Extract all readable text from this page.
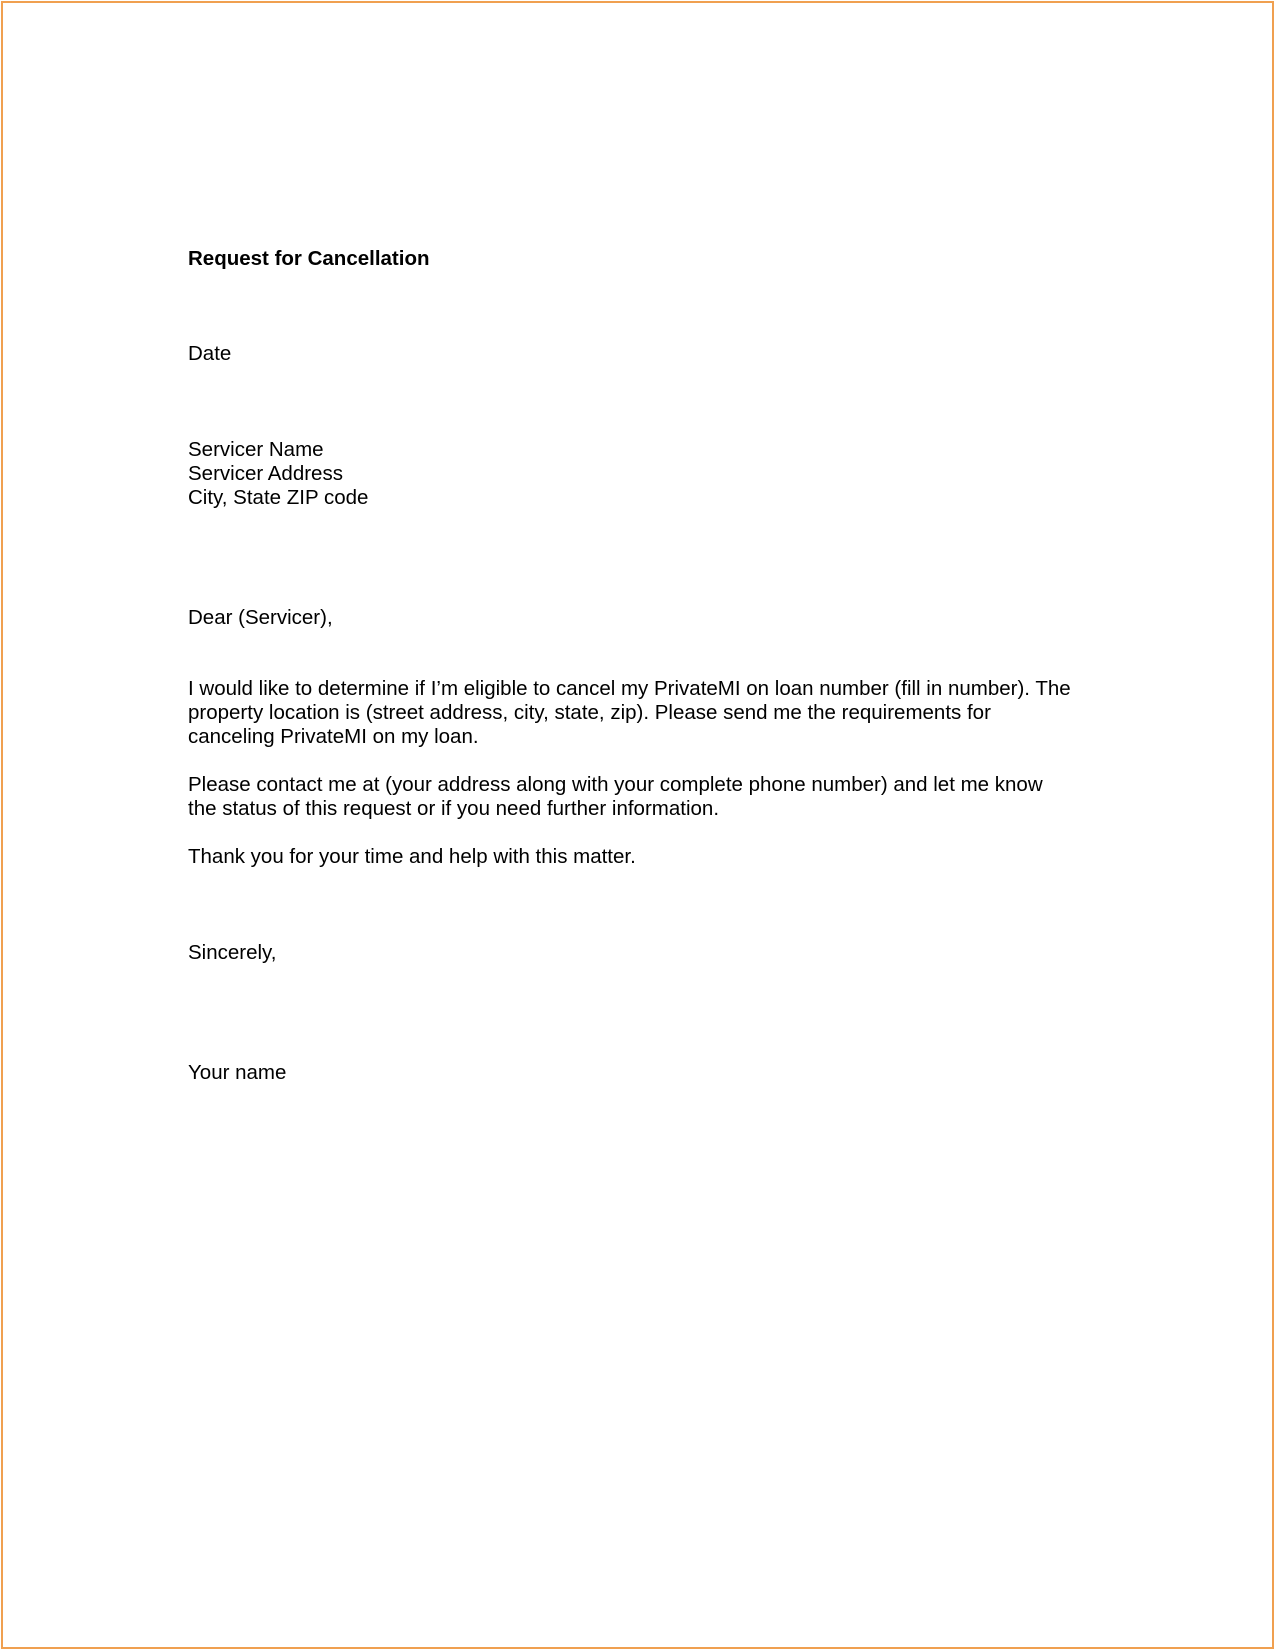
Request for Cancellation
Date
Servicer Name
Servicer Address
City, State ZIP code
Dear (Servicer),
I would like to determine if I’m eligible to cancel my PrivateMI on loan number (fill in number). The
property location is (street address, city, state, zip). Please send me the requirements for
canceling PrivateMI on my loan.
Please contact me at (your address along with your complete phone number) and let me know
the status of this request or if you need further information.
Thank you for your time and help with this matter.
Sincerely,
Your name
